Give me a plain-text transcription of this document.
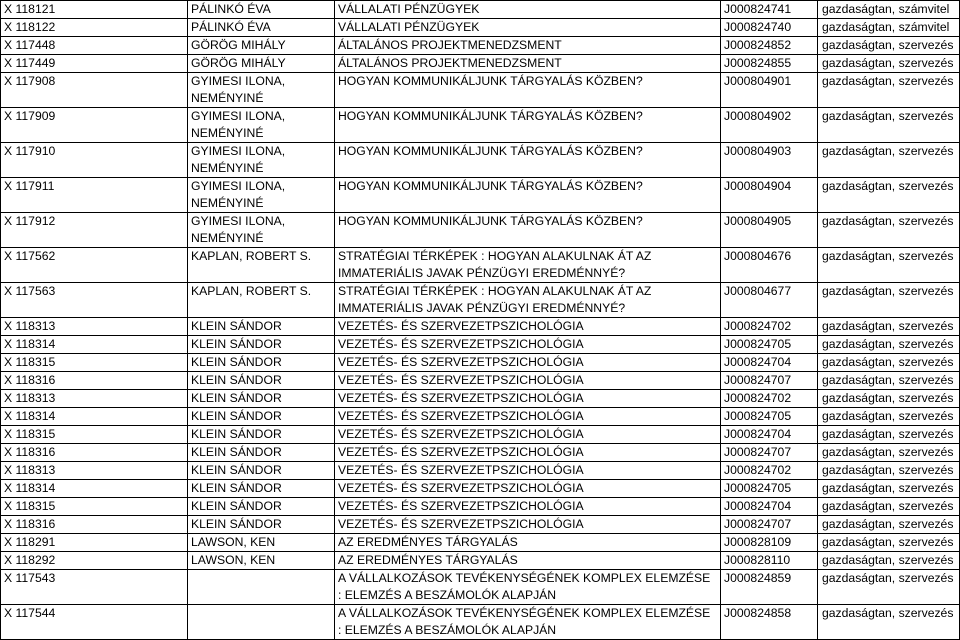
X 118121	PÁLINKÓ ÉVA	VÁLLALATI PÉNZÜGYEK	J000824741	gazdaságtan, számvitel
X 118122	PÁLINKÓ ÉVA	VÁLLALATI PÉNZÜGYEK	J000824740	gazdaságtan, számvitel
X 117448	GÖRÖG MIHÁLY	ÁLTALÁNOS PROJEKTMENEDZSMENT	J000824852	gazdaságtan, szervezés
X 117449	GÖRÖG MIHÁLY	ÁLTALÁNOS PROJEKTMENEDZSMENT	J000824855	gazdaságtan, szervezés
X 117908	GYIMESI ILONA, NEMÉNYINÉ	HOGYAN KOMMUNIKÁLJUNK TÁRGYALÁS KÖZBEN?	J000804901	gazdaságtan, szervezés
X 117909	GYIMESI ILONA, NEMÉNYINÉ	HOGYAN KOMMUNIKÁLJUNK TÁRGYALÁS KÖZBEN?	J000804902	gazdaságtan, szervezés
X 117910	GYIMESI ILONA, NEMÉNYINÉ	HOGYAN KOMMUNIKÁLJUNK TÁRGYALÁS KÖZBEN?	J000804903	gazdaságtan, szervezés
X 117911	GYIMESI ILONA, NEMÉNYINÉ	HOGYAN KOMMUNIKÁLJUNK TÁRGYALÁS KÖZBEN?	J000804904	gazdaságtan, szervezés
X 117912	GYIMESI ILONA, NEMÉNYINÉ	HOGYAN KOMMUNIKÁLJUNK TÁRGYALÁS KÖZBEN?	J000804905	gazdaságtan, szervezés
X 117562	KAPLAN, ROBERT S.	STRATÉGIAI TÉRKÉPEK : HOGYAN ALAKULNAK ÁT AZ IMMATERIÁLIS JAVAK PÉNZÜGYI EREDMÉNNYÉ?	J000804676	gazdaságtan, szervezés
X 117563	KAPLAN, ROBERT S.	STRATÉGIAI TÉRKÉPEK : HOGYAN ALAKULNAK ÁT AZ IMMATERIÁLIS JAVAK PÉNZÜGYI EREDMÉNNYÉ?	J000804677	gazdaságtan, szervezés
X 118313	KLEIN SÁNDOR	VEZETÉS- ÉS SZERVEZETPSZICHOLÓGIA	J000824702	gazdaságtan, szervezés
X 118314	KLEIN SÁNDOR	VEZETÉS- ÉS SZERVEZETPSZICHOLÓGIA	J000824705	gazdaságtan, szervezés
X 118315	KLEIN SÁNDOR	VEZETÉS- ÉS SZERVEZETPSZICHOLÓGIA	J000824704	gazdaságtan, szervezés
X 118316	KLEIN SÁNDOR	VEZETÉS- ÉS SZERVEZETPSZICHOLÓGIA	J000824707	gazdaságtan, szervezés
X 118313	KLEIN SÁNDOR	VEZETÉS- ÉS SZERVEZETPSZICHOLÓGIA	J000824702	gazdaságtan, szervezés
X 118314	KLEIN SÁNDOR	VEZETÉS- ÉS SZERVEZETPSZICHOLÓGIA	J000824705	gazdaságtan, szervezés
X 118315	KLEIN SÁNDOR	VEZETÉS- ÉS SZERVEZETPSZICHOLÓGIA	J000824704	gazdaságtan, szervezés
X 118316	KLEIN SÁNDOR	VEZETÉS- ÉS SZERVEZETPSZICHOLÓGIA	J000824707	gazdaságtan, szervezés
X 118313	KLEIN SÁNDOR	VEZETÉS- ÉS SZERVEZETPSZICHOLÓGIA	J000824702	gazdaságtan, szervezés
X 118314	KLEIN SÁNDOR	VEZETÉS- ÉS SZERVEZETPSZICHOLÓGIA	J000824705	gazdaságtan, szervezés
X 118315	KLEIN SÁNDOR	VEZETÉS- ÉS SZERVEZETPSZICHOLÓGIA	J000824704	gazdaságtan, szervezés
X 118316	KLEIN SÁNDOR	VEZETÉS- ÉS SZERVEZETPSZICHOLÓGIA	J000824707	gazdaságtan, szervezés
X 118291	LAWSON, KEN	AZ EREDMÉNYES TÁRGYALÁS	J000828109	gazdaságtan, szervezés
X 118292	LAWSON, KEN	AZ EREDMÉNYES TÁRGYALÁS	J000828110	gazdaságtan, szervezés
X 117543		A VÁLLALKOZÁSOK TEVÉKENYSÉGÉNEK KOMPLEX ELEMZÉSE : ELEMZÉS A BESZÁMOLÓK ALAPJÁN	J000824859	gazdaságtan, szervezés
X 117544		A VÁLLALKOZÁSOK TEVÉKENYSÉGÉNEK KOMPLEX ELEMZÉSE : ELEMZÉS A BESZÁMOLÓK ALAPJÁN	J000824858	gazdaságtan, szervezés
